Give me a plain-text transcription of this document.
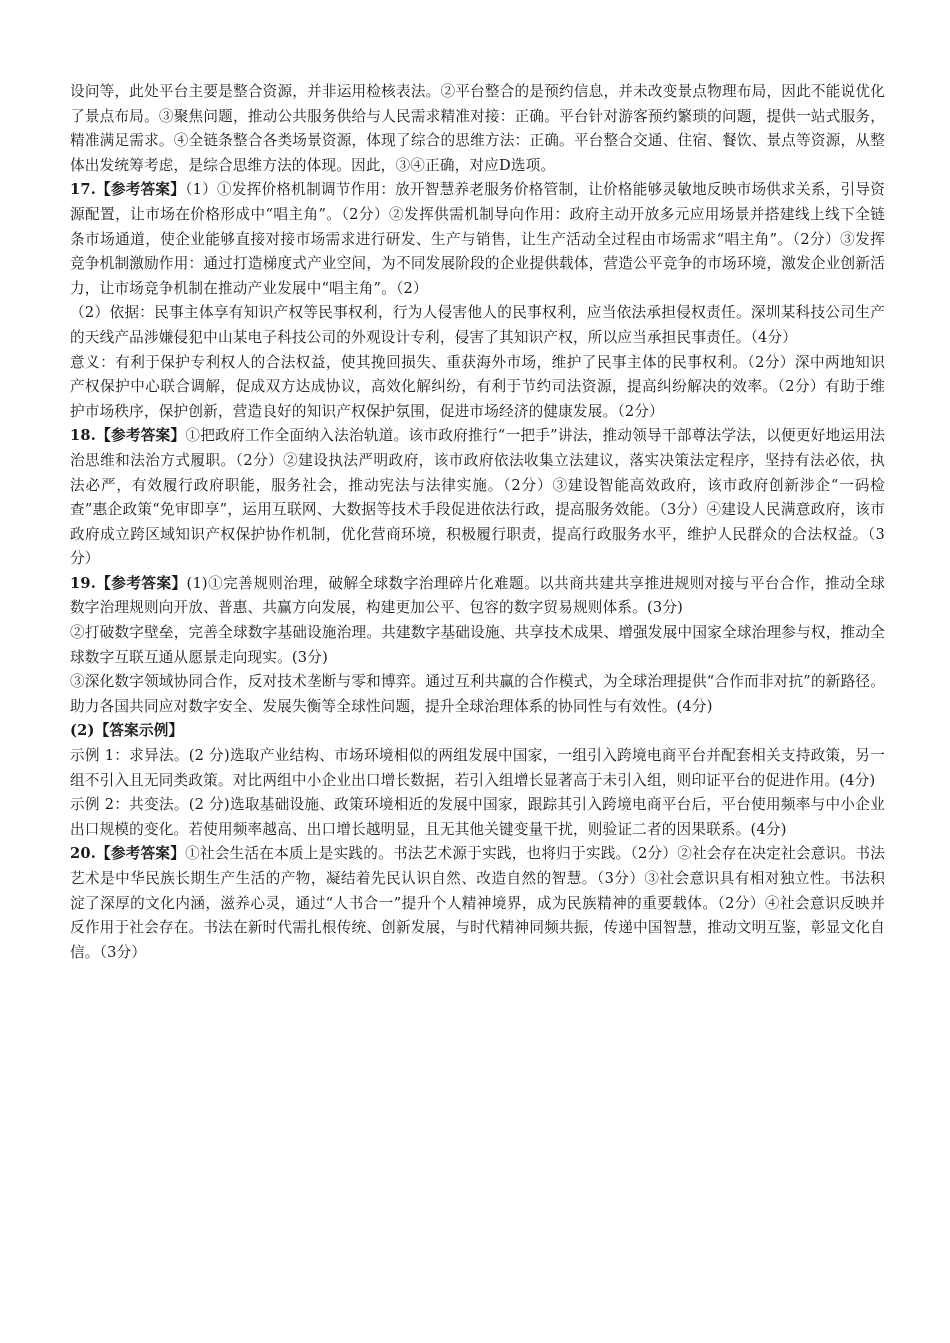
设问等，此处平台主要是整合资源，并非运用检核表法。②平台整合的是预约信息，并未改变景点物理布局，因此不能说优化了景点布局。③聚焦问题，推动公共服务供给与人民需求精准对接：正确。平台针对游客预约繁琐的问题，提供一站式服务，精准满足需求。④全链条整合各类场景资源，体现了综合的思维方法：正确。平台整合交通、住宿、餐饮、景点等资源，从整体出发统筹考虑，是综合思维方法的体现。因此，③④正确，对应D选项。

17.【参考答案】（1）①发挥价格机制调节作用：放开智慧养老服务价格管制，让价格能够灵敏地反映市场供求关系，引导资源配置，让市场在价格形成中“唱主角”。（2分）②发挥供需机制导向作用：政府主动开放多元应用场景并搭建线上线下全链条市场通道，使企业能够直接对接市场需求进行研发、生产与销售，让生产活动全过程由市场需求“唱主角”。（2分）③发挥竞争机制激励作用：通过打造梯度式产业空间，为不同发展阶段的企业提供载体，营造公平竞争的市场环境，激发企业创新活力，让市场竞争机制在推动产业发展中“唱主角”。（2）

（2）依据：民事主体享有知识产权等民事权利，行为人侵害他人的民事权利，应当依法承担侵权责任。深圳某科技公司生产的天线产品涉嫌侵犯中山某电子科技公司的外观设计专利，侵害了其知识产权，所以应当承担民事责任。（4分）

意义：有利于保护专利权人的合法权益，使其挽回损失、重获海外市场，维护了民事主体的民事权利。（2分）深中两地知识产权保护中心联合调解，促成双方达成协议，高效化解纠纷，有利于节约司法资源，提高纠纷解决的效率。（2分）有助于维护市场秩序，保护创新，营造良好的知识产权保护氛围，促进市场经济的健康发展。（2分）

18.【参考答案】①把政府工作全面纳入法治轨道。该市政府推行“一把手”讲法，推动领导干部尊法学法，以便更好地运用法治思维和法治方式履职。（2分）②建设执法严明政府，该市政府依法收集立法建议，落实决策法定程序，坚持有法必依，执法必严，有效履行政府职能，服务社会，推动宪法与法律实施。（2分）③建设智能高效政府，该市政府创新涉企“一码检查”惠企政策“免审即享”，运用互联网、大数据等技术手段促进依法行政，提高服务效能。（3分）④建设人民满意政府，该市政府成立跨区域知识产权保护协作机制，优化营商环境，积极履行职责，提高行政服务水平，维护人民群众的合法权益。（3分）

19.【参考答案】(1)①完善规则治理，破解全球数字治理碎片化难题。以共商共建共享推进规则对接与平台合作，推动全球数字治理规则向开放、普惠、共赢方向发展，构建更加公平、包容的数字贸易规则体系。(3分)

②打破数字壁垒，完善全球数字基础设施治理。共建数字基础设施、共享技术成果、增强发展中国家全球治理参与权，推动全球数字互联互通从愿景走向现实。(3分)

③深化数字领域协同合作，反对技术垄断与零和博弈。通过互利共赢的合作模式，为全球治理提供“合作而非对抗”的新路径。助力各国共同应对数字安全、发展失衡等全球性问题，提升全球治理体系的协同性与有效性。(4分)

(2)【答案示例】

示例 1：求异法。(2 分)选取产业结构、市场环境相似的两组发展中国家，一组引入跨境电商平台并配套相关支持政策，另一组不引入且无同类政策。对比两组中小企业出口增长数据，若引入组增长显著高于未引入组，则印证平台的促进作用。(4分)

示例 2：共变法。(2 分)选取基础设施、政策环境相近的发展中国家，跟踪其引入跨境电商平台后，平台使用频率与中小企业出口规模的变化。若使用频率越高、出口增长越明显，且无其他关键变量干扰，则验证二者的因果联系。(4分)

20.【参考答案】①社会生活在本质上是实践的。书法艺术源于实践，也将归于实践。（2分）②社会存在决定社会意识。书法艺术是中华民族长期生产生活的产物，凝结着先民认识自然、改造自然的智慧。（3分）③社会意识具有相对独立性。书法积淀了深厚的文化内涵，滋养心灵，通过“人书合一”提升个人精神境界，成为民族精神的重要载体。（2分）④社会意识反映并反作用于社会存在。书法在新时代需扎根传统、创新发展，与时代精神同频共振，传递中国智慧，推动文明互鉴，彰显文化自信。（3分）
